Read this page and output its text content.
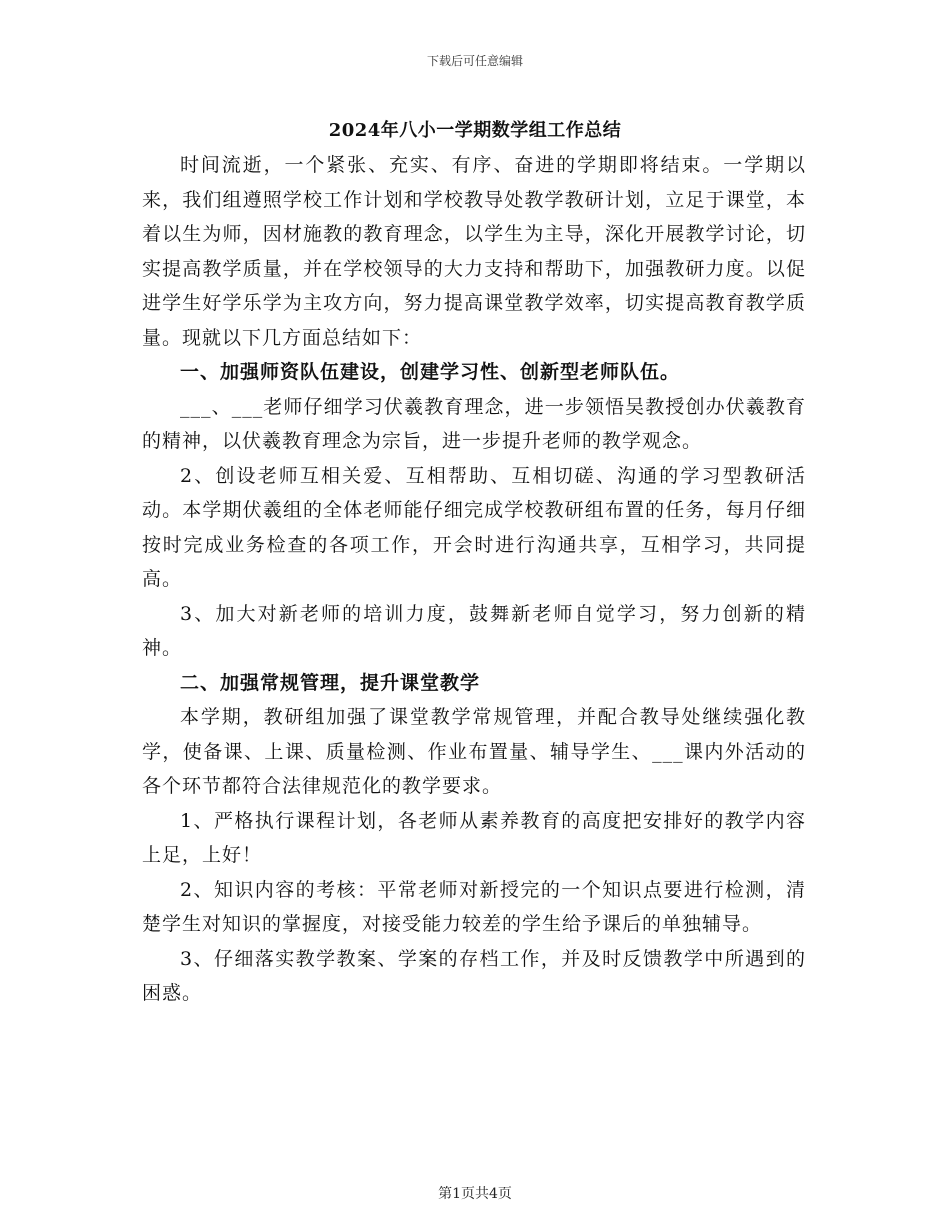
下载后可任意编辑
2024年八小一学期数学组工作总结

时间流逝，一个紧张、充实、有序、奋进的学期即将结束。一学期以来，我们组遵照学校工作计划和学校教导处教学教研计划，立足于课堂，本着以生为师，因材施教的教育理念，以学生为主导，深化开展教学讨论，切实提高教学质量，并在学校领导的大力支持和帮助下，加强教研力度。以促进学生好学乐学为主攻方向，努力提高课堂教学效率，切实提高教育教学质量。现就以下几方面总结如下：

一、加强师资队伍建设，创建学习性、创新型老师队伍。

___、___老师仔细学习伏羲教育理念，进一步领悟吴教授创办伏羲教育的精神，以伏羲教育理念为宗旨，进一步提升老师的教学观念。

2、创设老师互相关爱、互相帮助、互相切磋、沟通的学习型教研活动。本学期伏羲组的全体老师能仔细完成学校教研组布置的任务，每月仔细按时完成业务检查的各项工作，开会时进行沟通共享，互相学习，共同提高。

3、加大对新老师的培训力度，鼓舞新老师自觉学习，努力创新的精神。

二、加强常规管理，提升课堂教学

本学期，教研组加强了课堂教学常规管理，并配合教导处继续强化教学，使备课、上课、质量检测、作业布置量、辅导学生、___课内外活动的各个环节都符合法律规范化的教学要求。

1、严格执行课程计划，各老师从素养教育的高度把安排好的教学内容上足，上好！

2、知识内容的考核：平常老师对新授完的一个知识点要进行检测，清楚学生对知识的掌握度，对接受能力较差的学生给予课后的单独辅导。

3、仔细落实教学教案、学案的存档工作，并及时反馈教学中所遇到的困惑。

第1页共4页
